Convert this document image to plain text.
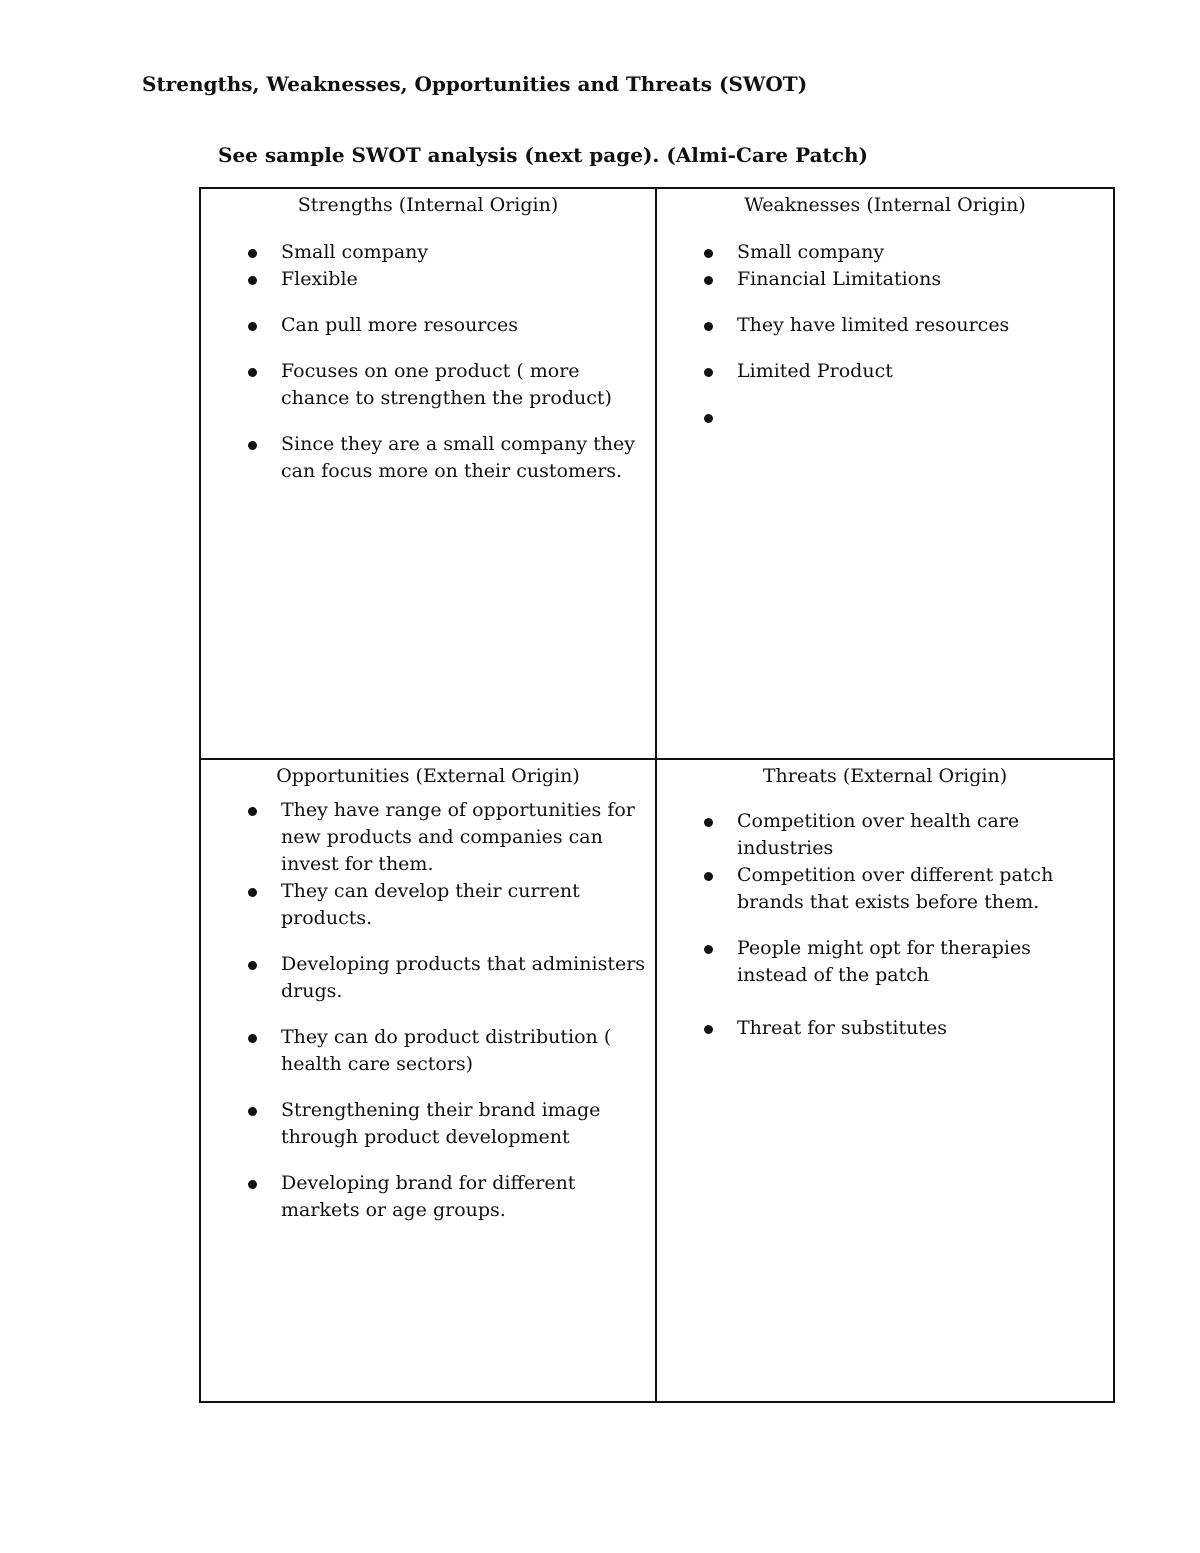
Strengths, Weaknesses, Opportunities and Threats (SWOT)
See sample SWOT analysis (next page). (Almi-Care Patch)
Strengths (Internal Origin)
Small company
Flexible
Can pull more resources
Focuses on one product ( more chance to strengthen the product)
Since they are a small company they can focus more on their customers.
Weaknesses (Internal Origin)
Small company
Financial Limitations
They have limited resources
Limited Product
Opportunities (External Origin)
They have range of opportunities for new products and companies can invest for them.
They can develop their current products.
Developing products that administers drugs.
They can do product distribution ( health care sectors)
Strengthening their brand image through product development
Developing brand for different markets or age groups.
Threats (External Origin)
Competition over health care industries
Competition over different patch brands that exists before them.
People might opt for therapies instead of the patch
Threat for substitutes
